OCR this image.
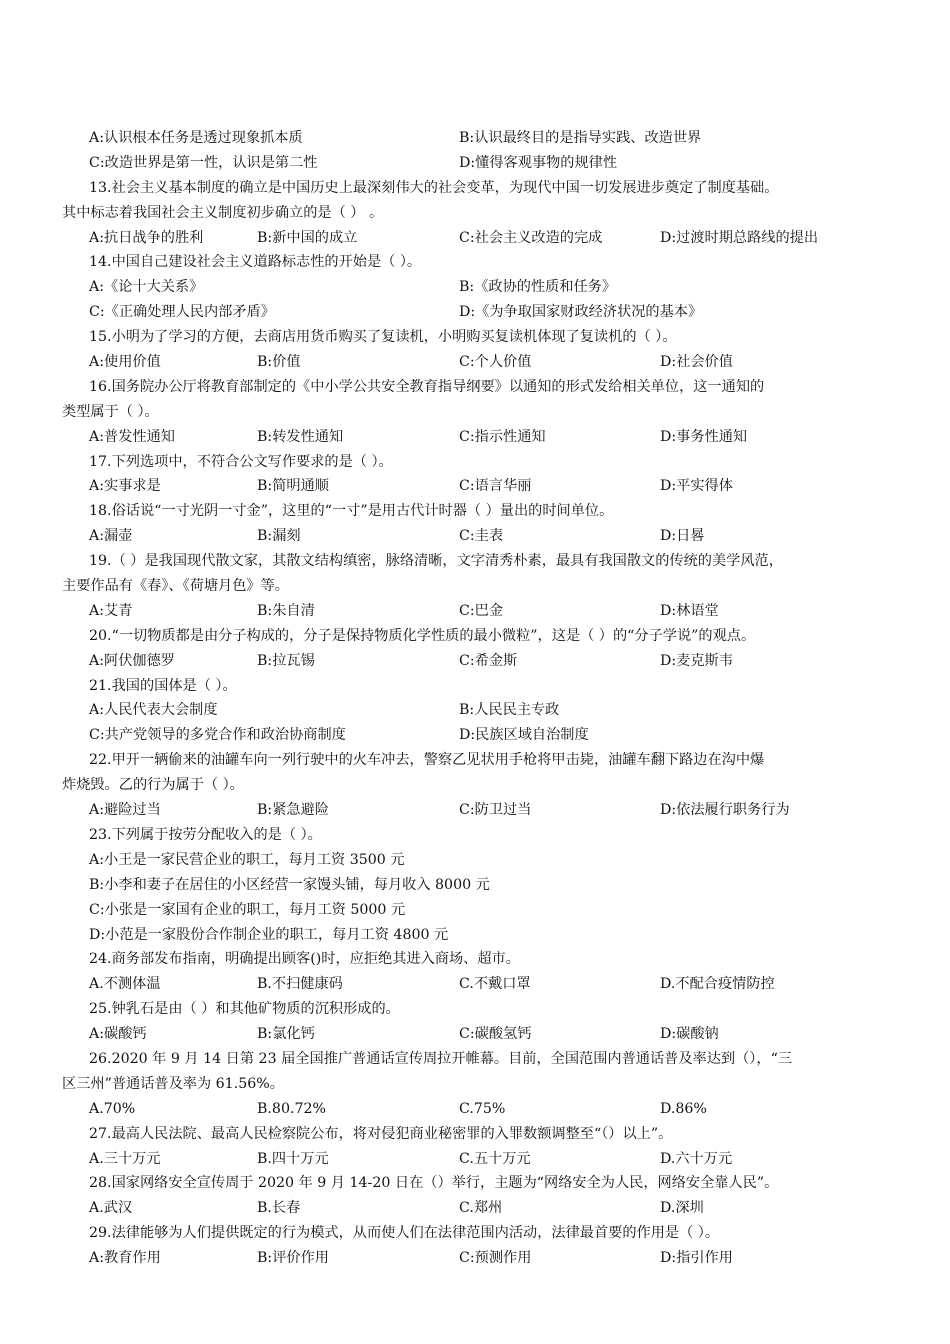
A:认识根本任务是透过现象抓本质	B:认识最终目的是指导实践、改造世界
C:改造世界是第一性，认识是第二性	D:懂得客观事物的规律性
13.社会主义基本制度的确立是中国历史上最深刻伟大的社会变革，为现代中国一切发展进步奠定了制度基础。
其中标志着我国社会主义制度初步确立的是（ ） 。
A:抗日战争的胜利	B:新中国的成立	C:社会主义改造的完成	D:过渡时期总路线的提出
14.中国自己建设社会主义道路标志性的开始是（ ）。
A:《论十大关系》	B:《政协的性质和任务》
C:《正确处理人民内部矛盾》	D:《为争取国家财政经济状况的基本》
15.小明为了学习的方便，去商店用货币购买了复读机，小明购买复读机体现了复读机的（ ）。
A:使用价值	B:价值	C:个人价值	D:社会价值
16.国务院办公厅将教育部制定的《中小学公共安全教育指导纲要》以通知的形式发给相关单位，这一通知的
类型属于（ ）。
A:普发性通知	B:转发性通知	C:指示性通知	D:事务性通知
17.下列选项中，不符合公文写作要求的是（ ）。
A:实事求是	B:简明通顺	C:语言华丽	D:平实得体
18.俗话说“一寸光阴一寸金”，这里的“一寸”是用古代计时器（ ）量出的时间单位。
A:漏壶	B:漏刻	C:圭表	D:日晷
19.（ ）是我国现代散文家，其散文结构缜密，脉络清晰，文字清秀朴素，最具有我国散文的传统的美学风范，
主要作品有《春》、《荷塘月色》等。
A:艾青	B:朱自清	C:巴金	D:林语堂
20.“一切物质都是由分子构成的，分子是保持物质化学性质的最小微粒”，这是（ ）的“分子学说”的观点。
A:阿伏伽德罗	B:拉瓦锡	C:希金斯	D:麦克斯韦
21.我国的国体是（ ）。
A:人民代表大会制度	B:人民民主专政
C:共产党领导的多党合作和政治协商制度	D:民族区域自治制度
22.甲开一辆偷来的油罐车向一列行驶中的火车冲去，警察乙见状用手枪将甲击毙，油罐车翻下路边在沟中爆
炸烧毁。乙的行为属于（ ）。
A:避险过当	B:紧急避险	C:防卫过当	D:依法履行职务行为
23.下列属于按劳分配收入的是（ ）。
A:小王是一家民营企业的职工，每月工资 3500 元
B:小李和妻子在居住的小区经营一家馒头铺，每月收入 8000 元
C:小张是一家国有企业的职工，每月工资 5000 元
D:小范是一家股份合作制企业的职工，每月工资 4800 元
24.商务部发布指南，明确提出顾客()时，应拒绝其进入商场、超市。
A.不测体温	B.不扫健康码	C.不戴口罩	D.不配合疫情防控
25.钟乳石是由（ ）和其他矿物质的沉积形成的。
A:碳酸钙	B:氯化钙	C:碳酸氢钙	D:碳酸钠
26.2020 年 9 月 14 日第 23 届全国推广普通话宣传周拉开帷幕。目前，全国范围内普通话普及率达到（），“三
区三州”普通话普及率为 61.56%。
A.70%	B.80.72%	C.75%	D.86%
27.最高人民法院、最高人民检察院公布，将对侵犯商业秘密罪的入罪数额调整至“（）以上”。
A.三十万元	B.四十万元	C.五十万元	D.六十万元
28.国家网络安全宣传周于 2020 年 9 月 14-20 日在（）举行，主题为“网络安全为人民，网络安全靠人民”。
A.武汉	B.长春	C.郑州	D.深圳
29.法律能够为人们提供既定的行为模式，从而使人们在法律范围内活动，法律最首要的作用是（ ）。
A:教育作用	B:评价作用	C:预测作用	D:指引作用
